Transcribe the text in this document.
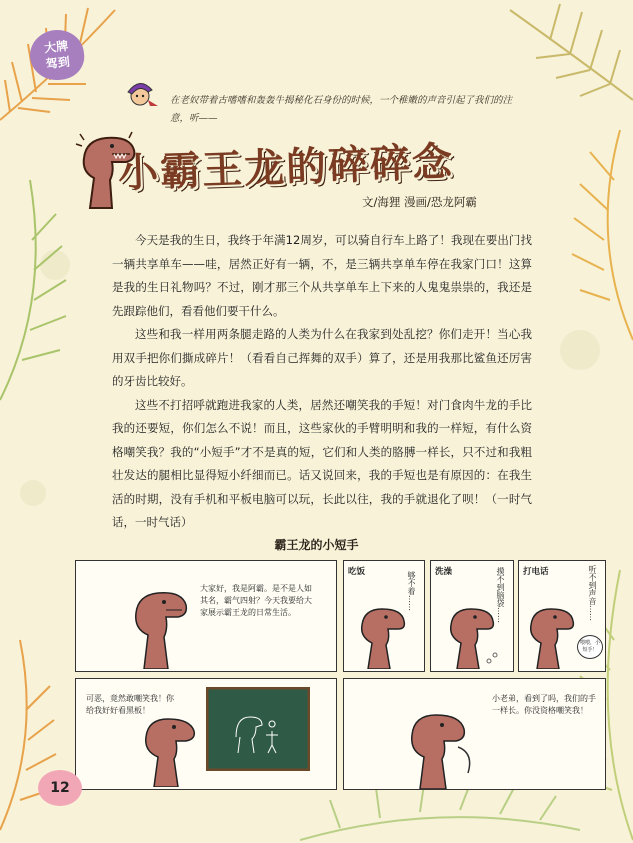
大牌
驾到
在老奴带着古嗜嗜和轰轰牛揭秘化石身份的时候，一个稚嫩的声音引起了我们的注意，听——
小霸王龙的碎碎念
文/海狸 漫画/恐龙阿霸

今天是我的生日，我终于年满12周岁，可以骑自行车上路了！我现在要出门找一辆共享单车——哇，居然正好有一辆，不，是三辆共享单车停在我家门口！这算是我的生日礼物吗？不过，刚才那三个从共享单车上下来的人鬼鬼祟祟的，我还是先跟踪他们，看看他们要干什么。

这些和我一样用两条腿走路的人类为什么在我家到处乱挖？你们走开！当心我用双手把你们撕成碎片！（看看自己挥舞的双手）算了，还是用我那比鲨鱼还厉害的牙齿比较好。

这些不打招呼就跑进我家的人类，居然还嘲笑我的手短！对门食肉牛龙的手比我的还要短，你们怎么不说！而且，这些家伙的手臂明明和我的一样短，有什么资格嘲笑我？我的“小短手”才不是真的短，它们和人类的胳膊一样长，只不过和我粗壮发达的腿相比显得短小纤细而已。话又说回来，我的手短也是有原因的：在我生活的时期，没有手机和平板电脑可以玩，长此以往，我的手就退化了呗！（一时气话，一时气话）

霸王龙的小短手
大家好，我是阿霸。是不是人如其名，霸气四射？今天我要给大家展示霸王龙的日常生活。
吃饭	够不着…… 洗澡	摸不到脑袋…… 打电话	听不到声音……
喂喂，小短手！
可恶，竟然敢嘲笑我！你给我好好看黑板！
小老弟，看到了吗，我们的手一样长。你没资格嘲笑我！
12
